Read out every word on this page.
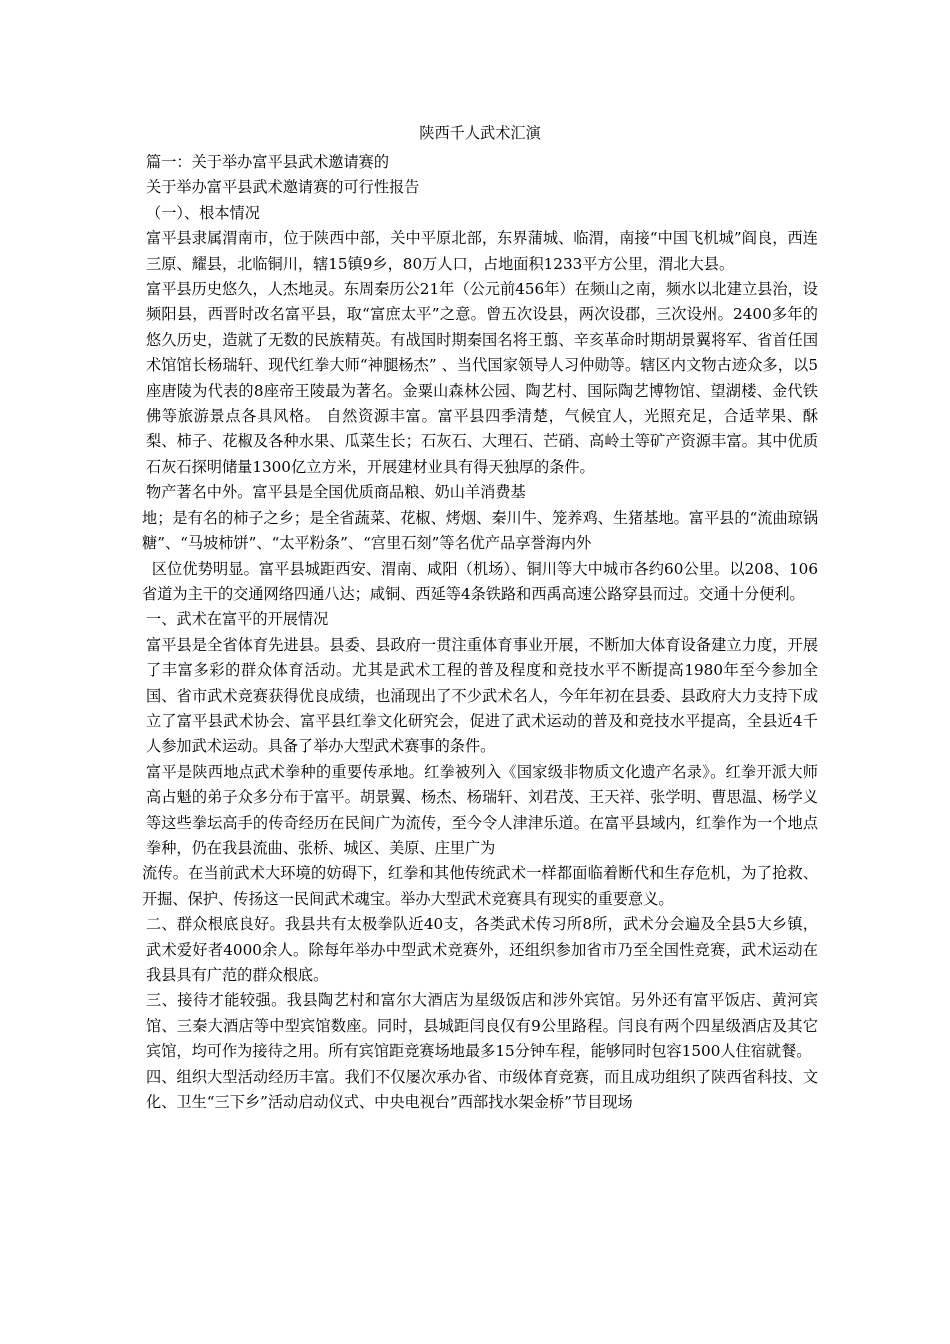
陕西千人武术汇演

篇一：关于举办富平县武术邀请赛的

关于举办富平县武术邀请赛的可行性报告

（一）、根本情况

富平县隶属渭南市，位于陕西中部，关中平原北部，东界蒲城、临渭，南接“中国飞机城”阎良，西连三原、耀县，北临铜川，辖15镇9乡，80万人口，占地面积1233平方公里，渭北大县。

富平县历史悠久，人杰地灵。东周秦历公21年（公元前456年）在频山之南，频水以北建立县治，设频阳县，西晋时改名富平县，取“富庶太平”之意。曾五次设县，两次设郡，三次设州。2400多年的悠久历史，造就了无数的民族精英。有战国时期秦国名将王翦、辛亥革命时期胡景翼将军、省首任国术馆馆长杨瑞轩、现代红拳大师“神腿杨杰” 、当代国家领导人习仲勋等。辖区内文物古迹众多，以5座唐陵为代表的8座帝王陵最为著名。金粟山森林公园、陶艺村、国际陶艺博物馆、望湖楼、金代铁佛等旅游景点各具风格。 自然资源丰富。富平县四季清楚，气候宜人，光照充足，合适苹果、酥梨、柿子、花椒及各种水果、瓜菜生长；石灰石、大理石、芒硝、高岭土等矿产资源丰富。其中优质石灰石探明储量1300亿立方米，开展建材业具有得天独厚的条件。

物产著名中外。富平县是全国优质商品粮、奶山羊消费基

地；是有名的柿子之乡；是全省蔬菜、花椒、烤烟、秦川牛、笼养鸡、生猪基地。富平县的“流曲琼锅糖”、“马坡柿饼”、“太平粉条”、“宫里石刻”等名优产品享誉海内外

区位优势明显。富平县城距西安、渭南、咸阳（机场）、铜川等大中城市各约60公里。以208、106省道为主干的交通网络四通八达；咸铜、西延等4条铁路和西禹高速公路穿县而过。交通十分便利。

一、武术在富平的开展情况

富平县是全省体育先进县。县委、县政府一贯注重体育事业开展，不断加大体育设备建立力度，开展了丰富多彩的群众体育活动。尤其是武术工程的普及程度和竞技水平不断提高1980年至今参加全国、省市武术竞赛获得优良成绩，也涌现出了不少武术名人，今年年初在县委、县政府大力支持下成立了富平县武术协会、富平县红拳文化研究会，促进了武术运动的普及和竞技水平提高，全县近4千人参加武术运动。具备了举办大型武术赛事的条件。

富平是陕西地点武术拳种的重要传承地。红拳被列入《国家级非物质文化遗产名录》。红拳开派大师高占魁的弟子众多分布于富平。胡景翼、杨杰、杨瑞轩、刘君茂、王天祥、张学明、曹思温、杨学义等这些拳坛高手的传奇经历在民间广为流传，至今令人津津乐道。在富平县域内，红拳作为一个地点拳种，仍在我县流曲、张桥、城区、美原、庄里广为

流传。在当前武术大环境的妨碍下，红拳和其他传统武术一样都面临着断代和生存危机，为了抢救、开掘、保护、传扬这一民间武术魂宝。举办大型武术竞赛具有现实的重要意义。

二、群众根底良好。我县共有太极拳队近40支，各类武术传习所8所，武术分会遍及全县5大乡镇，武术爱好者4000余人。除每年举办中型武术竞赛外，还组织参加省市乃至全国性竞赛，武术运动在我县具有广范的群众根底。

三、接待才能较强。我县陶艺村和富尔大酒店为星级饭店和涉外宾馆。另外还有富平饭店、黄河宾馆、三秦大酒店等中型宾馆数座。同时，县城距闫良仅有9公里路程。闫良有两个四星级酒店及其它宾馆，均可作为接待之用。所有宾馆距竞赛场地最多15分钟车程，能够同时包容1500人住宿就餐。

四、组织大型活动经历丰富。我们不仅屡次承办省、市级体育竞赛，而且成功组织了陕西省科技、文化、卫生“三下乡”活动启动仪式、中央电视台”西部找水架金桥”节目现场
